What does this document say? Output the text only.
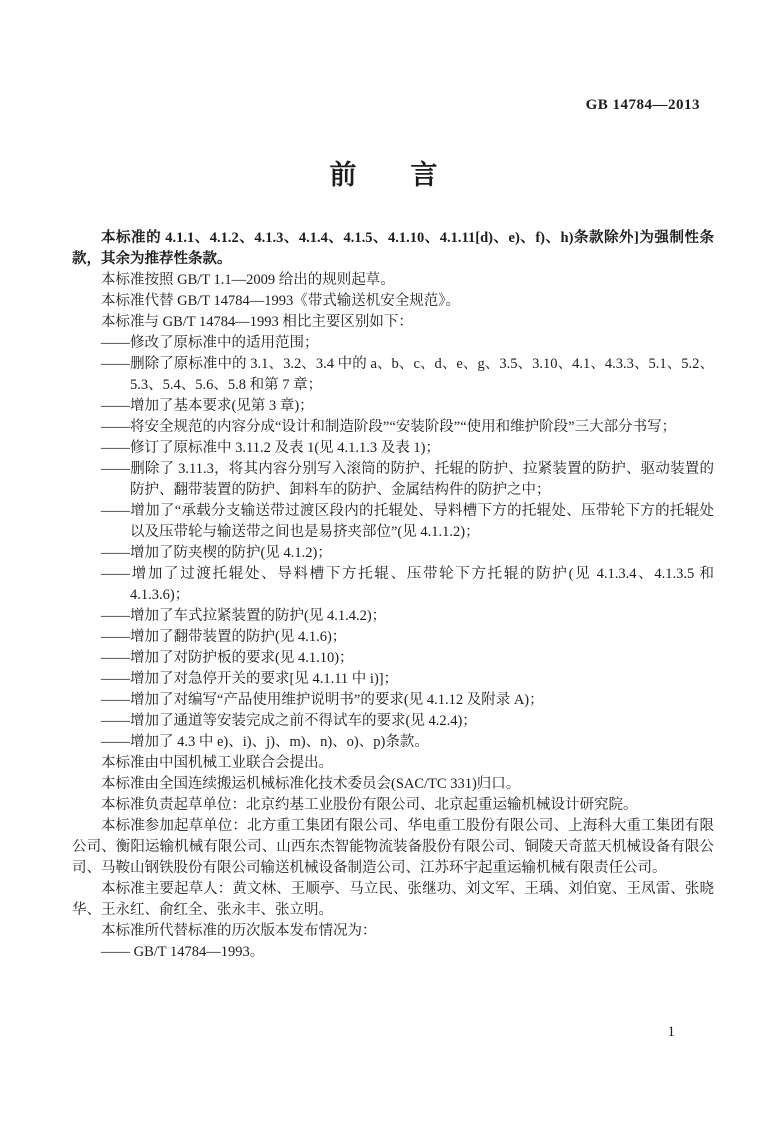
GB 14784—2013
前　　言
本标准的 4.1.1、4.1.2、4.1.3、4.1.4、4.1.5、4.1.10、4.1.11[d)、e)、f)、h)条款除外]为强制性条款，其余为推荐性条款。
本标准按照 GB/T 1.1—2009 给出的规则起草。
本标准代替 GB/T 14784—1993《带式输送机安全规范》。
本标准与 GB/T 14784—1993 相比主要区别如下：
——修改了原标准中的适用范围；
——删除了原标准中的 3.1、3.2、3.4 中的 a、b、c、d、e、g、3.5、3.10、4.1、4.3.3、5.1、5.2、5.3、5.4、5.6、5.8 和第 7 章；
——增加了基本要求(见第 3 章)；
——将安全规范的内容分成“设计和制造阶段”“安装阶段”“使用和维护阶段”三大部分书写；
——修订了原标准中 3.11.2 及表 1(见 4.1.1.3 及表 1)；
——删除了 3.11.3，将其内容分别写入滚筒的防护、托辊的防护、拉紧装置的防护、驱动装置的防护、翻带装置的防护、卸料车的防护、金属结构件的防护之中；
——增加了“承载分支输送带过渡区段内的托辊处、导料槽下方的托辊处、压带轮下方的托辊处以及压带轮与输送带之间也是易挤夹部位”(见 4.1.1.2)；
——增加了防夹楔的防护(见 4.1.2)；
——增加了过渡托辊处、导料槽下方托辊、压带轮下方托辊的防护(见 4.1.3.4、4.1.3.5 和 4.1.3.6)；
——增加了车式拉紧装置的防护(见 4.1.4.2)；
——增加了翻带装置的防护(见 4.1.6)；
——增加了对防护板的要求(见 4.1.10)；
——增加了对急停开关的要求[见 4.1.11 中 i)]；
——增加了对编写“产品使用维护说明书”的要求(见 4.1.12 及附录 A)；
——增加了通道等安装完成之前不得试车的要求(见 4.2.4)；
——增加了 4.3 中 e)、i)、j)、m)、n)、o)、p)条款。
本标准由中国机械工业联合会提出。
本标准由全国连续搬运机械标准化技术委员会(SAC/TC 331)归口。
本标准负责起草单位：北京约基工业股份有限公司、北京起重运输机械设计研究院。
本标准参加起草单位：北方重工集团有限公司、华电重工股份有限公司、上海科大重工集团有限公司、衡阳运输机械有限公司、山西东杰智能物流装备股份有限公司、铜陵天奇蓝天机械设备有限公司、马鞍山钢铁股份有限公司输送机械设备制造公司、江苏环宇起重运输机械有限责任公司。
本标准主要起草人：黄文林、王顺亭、马立民、张继功、刘文军、王瑀、刘伯宽、王凤雷、张晓华、王永红、俞红全、张永丰、张立明。
本标准所代替标准的历次版本发布情况为：
—— GB/T 14784—1993。
1
